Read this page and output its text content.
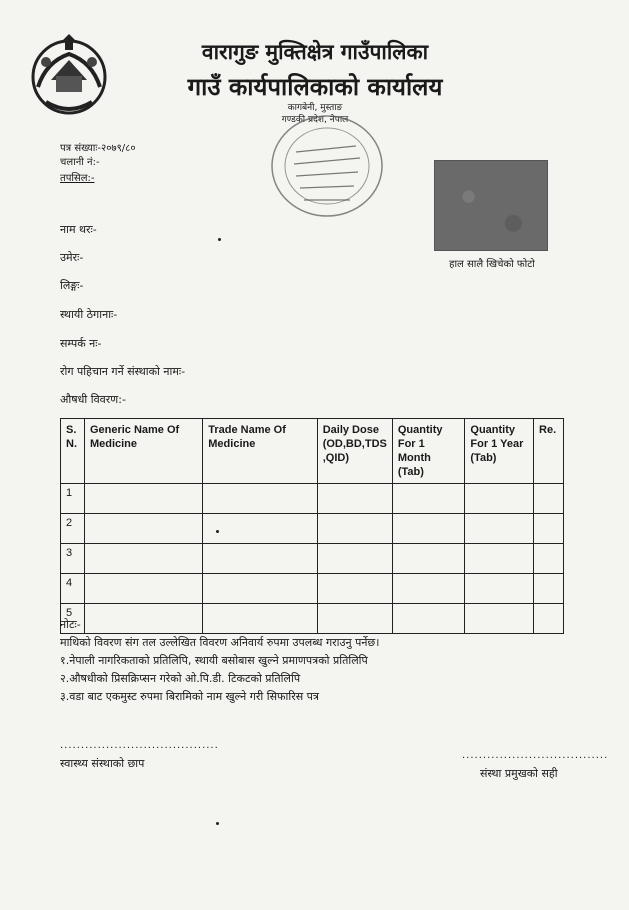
वारागुङ मुक्तिक्षेत्र गाउँपालिका
गाउँ कार्यपालिकाको कार्यालय
कागबेनी, मुस्ताङ
गण्डकी प्रदेश, नेपाल
पत्र संख्याः-२०७९/८०
चलानी नं:-
तपसिल:-
हाल सालै खिचेको फोटो
नाम थरः-
उमेरः-
लिङ्गः-
स्थायी ठेगानाः-
सम्पर्क नः-
रोग पहिचान गर्ने संस्थाको नामः-
औषधी विवरण:-
S. N.	Generic Name Of Medicine	Trade Name Of Medicine	Daily Dose (OD,BD,TDS ,QID)	Quantity For 1 Month (Tab)	Quantity For 1 Year (Tab)	Re.
1						
2						
3						
4						
5						
नोटः-
माथिको विवरण संग तल उल्लेखित विवरण अनिवार्य रुपमा उपलब्ध गराउनु पर्नेछ।
१.नेपाली नागरिकताको प्रतिलिपि, स्थायी बसोबास खुल्ने प्रमाणपत्रको प्रतिलिपि
२.औषधीको प्रिसक्रिप्सन गरेको ओ.पि.डी. टिकटको प्रतिलिपि
३.वडा बाट एकमुस्ट रुपमा बिरामिको नाम खुल्ने गरी सिफारिस पत्र
......................................
स्वास्थ्य संस्थाको छाप
...................................
संस्था प्रमुखको सही
